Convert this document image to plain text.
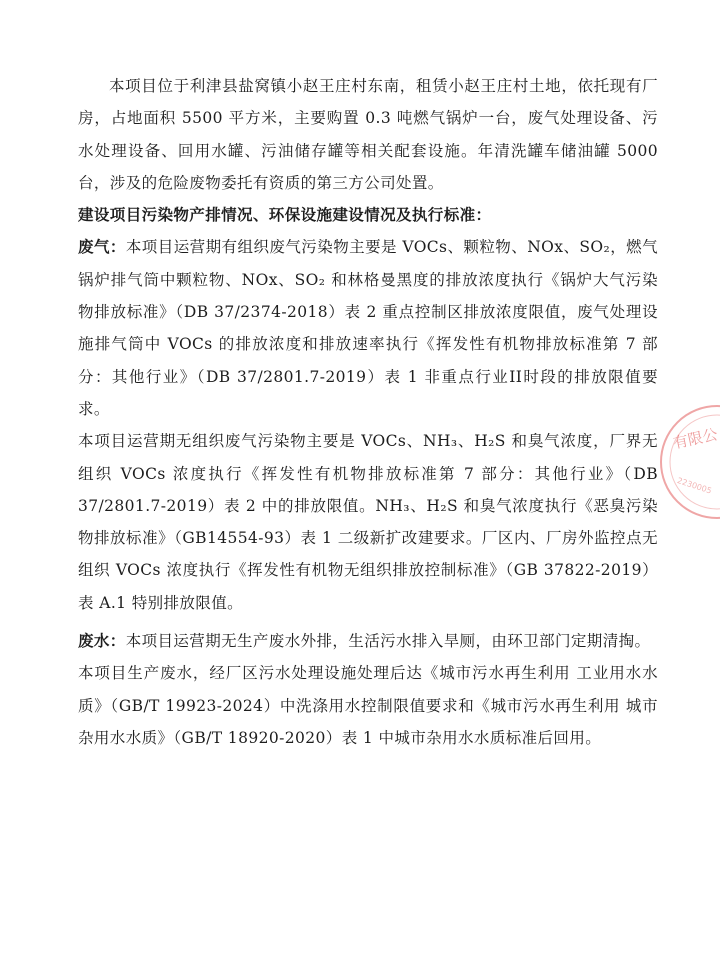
本项目位于利津县盐窝镇小赵王庄村东南，租赁小赵王庄村土地，依托现有厂房，占地面积 5500 平方米，主要购置 0.3 吨燃气锅炉一台，废气处理设备、污水处理设备、回用水罐、污油储存罐等相关配套设施。年清洗罐车储油罐 5000 台，涉及的危险废物委托有资质的第三方公司处置。

建设项目污染物产排情况、环保设施建设情况及执行标准：

废气：本项目运营期有组织废气污染物主要是 VOCs、颗粒物、NOx、SO₂，燃气锅炉排气筒中颗粒物、NOx、SO₂ 和林格曼黑度的排放浓度执行《锅炉大气污染物排放标准》（DB 37/2374-2018）表 2 重点控制区排放浓度限值，废气处理设施排气筒中 VOCs 的排放浓度和排放速率执行《挥发性有机物排放标准第 7 部分：其他行业》（DB 37/2801.7-2019）表 1 非重点行业II时段的排放限值要求。

本项目运营期无组织废气污染物主要是 VOCs、NH₃、H₂S 和臭气浓度，厂界无组织 VOCs 浓度执行《挥发性有机物排放标准第 7 部分：其他行业》（DB 37/2801.7-2019）表 2 中的排放限值。NH₃、H₂S 和臭气浓度执行《恶臭污染物排放标准》（GB14554-93）表 1 二级新扩改建要求。厂区内、厂房外监控点无组织 VOCs 浓度执行《挥发性有机物无组织排放控制标准》（GB 37822-2019）表 A.1 特别排放限值。

废水：本项目运营期无生产废水外排，生活污水排入旱厕，由环卫部门定期清掏。

本项目生产废水，经厂区污水处理设施处理后达《城市污水再生利用 工业用水水质》（GB/T 19923-2024）中洗涤用水控制限值要求和《城市污水再生利用 城市杂用水水质》（GB/T 18920-2020）表 1 中城市杂用水水质标准后回用。

有限公
2230005
